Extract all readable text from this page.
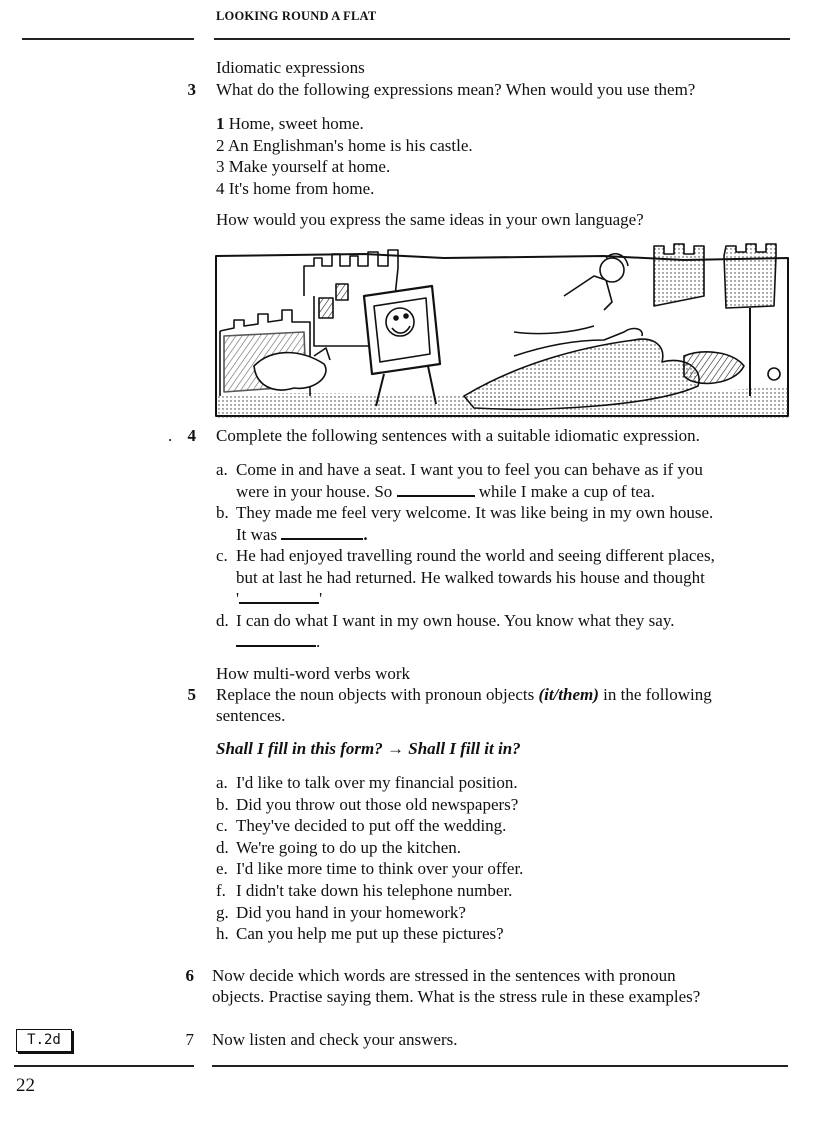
LOOKING ROUND A FLAT
Idiomatic expressions
3 What do the following expressions mean? When would you use them?
1 Home, sweet home.
2 An Englishman's home is his castle.
3 Make yourself at home.
4 It's home from home.
How would you express the same ideas in your own language?
. 4 Complete the following sentences with a suitable idiomatic expression.
a. Come in and have a seat. I want you to feel you can behave as if you
were in your house. So	while I make a cup of tea.
b. They made me feel very welcome. It was like being in my own house.
It was	.
c. He had enjoyed travelling round the world and seeing different places,
but at last he had returned. He walked towards his house and thought
'	'
d. I can do what I want in my own house. You know what they say.
.
How multi-word verbs work
5 Replace the noun objects with pronoun objects (it/them) in the following
sentences.
Shall I fill in this form? → Shall I fill it in?
a. I'd like to talk over my financial position.
b. Did you throw out those old newspapers?
c. They've decided to put off the wedding.
d. We're going to do up the kitchen.
e. I'd like more time to think over your offer.
f. I didn't take down his telephone number.
g. Did you hand in your homework?
h. Can you help me put up these pictures?
6 Now decide which words are stressed in the sentences with pronoun
objects. Practise saying them. What is the stress rule in these examples?
T.2d	7 Now listen and check your answers.
22
